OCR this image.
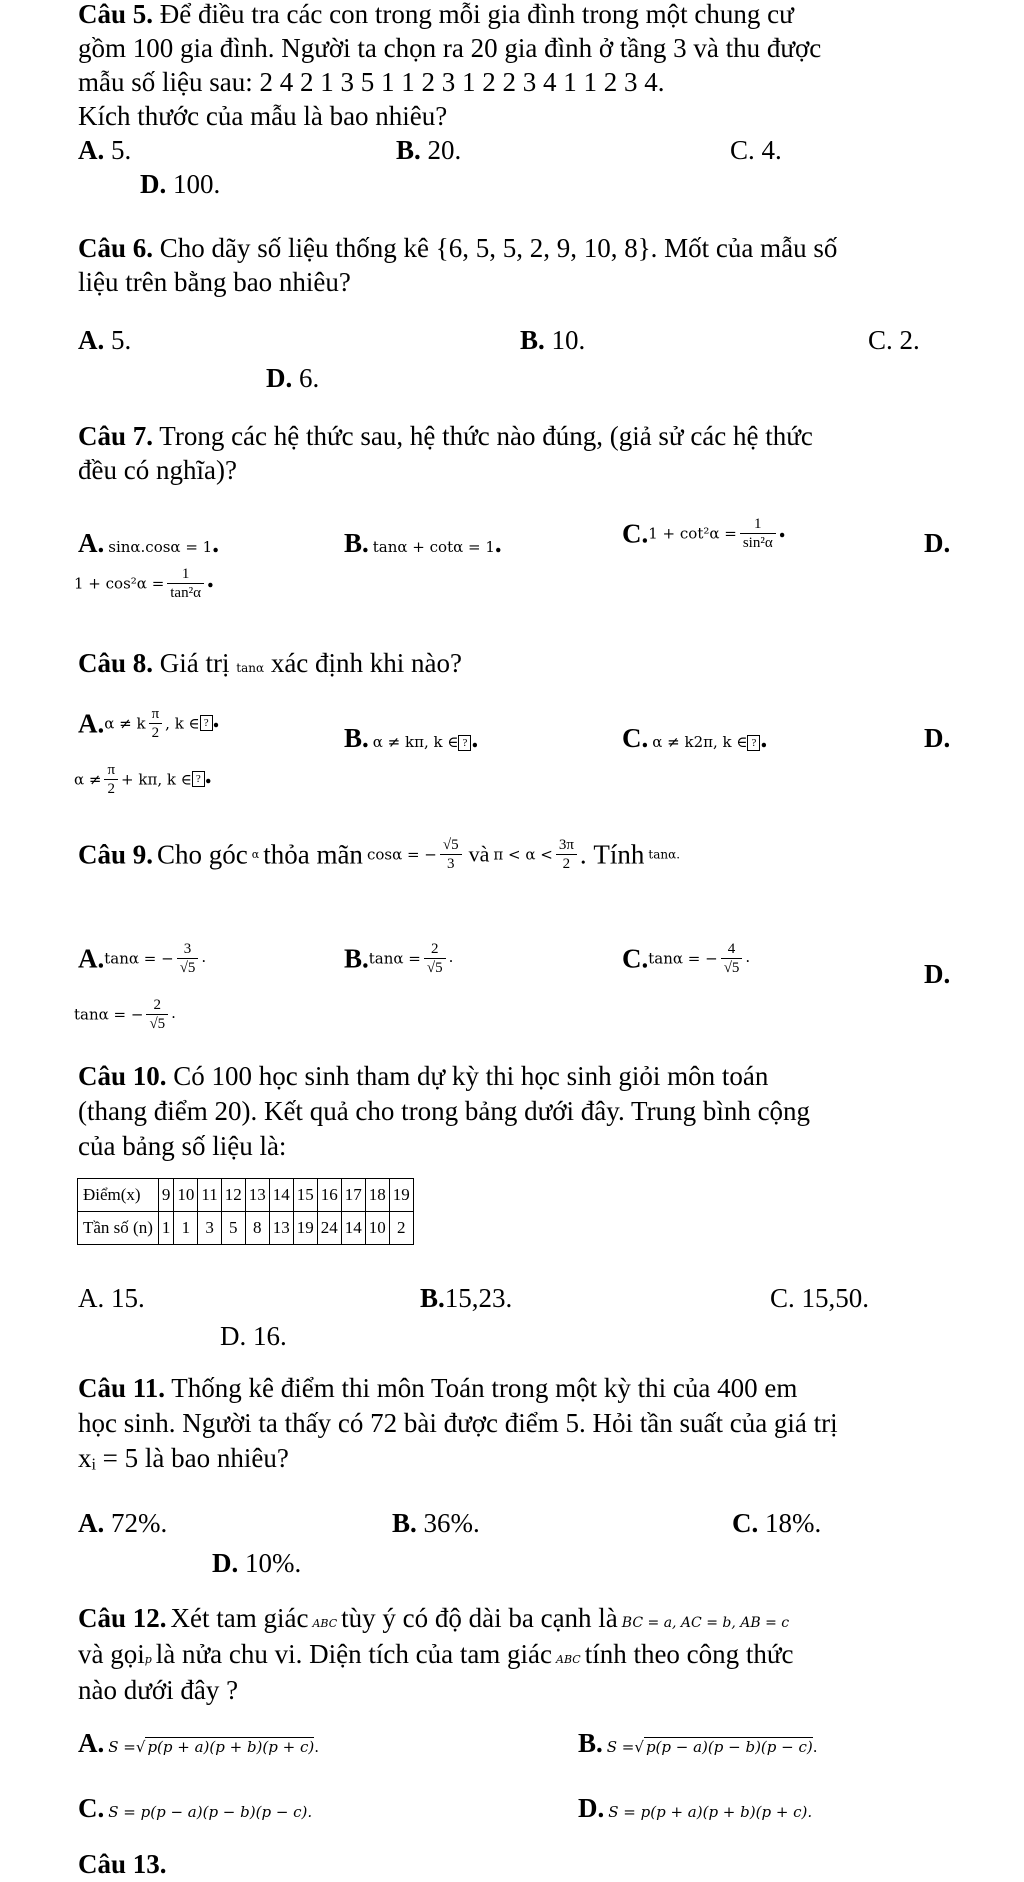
Câu 5. Để điều tra các con trong mỗi gia đình trong một chung cư
gồm 100 gia đình. Người ta chọn ra 20 gia đình ở tầng 3 và thu được
mẫu số liệu sau: 2 4 2 1 3 5 1 1 2 3 1 2 2 3 4 1 1 2 3 4.
Kích thước của mẫu là bao nhiêu?
A. 5.	B. 20.	C. 4.
D. 100.
Câu 6. Cho dãy số liệu thống kê {6, 5, 5, 2, 9, 10, 8}. Mốt của mẫu số
liệu trên bằng bao nhiêu?
A. 5.	B. 10.	C. 2.
D. 6.
Câu 7. Trong các hệ thức sau, hệ thức nào đúng, (giả sử các hệ thức
đều có nghĩa)?
A. sinα.cosα = 1.	B. tanα + cotα = 1.	$C.1 + \cot^2\alpha = \frac{1}{\text{sin²α}}$ .	D.
$1 + \cos^2\alpha = \frac{1}{\text{tan²α}}$ .
Câu 8. Giá trị tanα xác định khi nào?
A.α ≠ k $\frac{\pi}{2}$ , k ∈ ? .
B. α ≠ kπ, k ∈ ? .	C. α ≠ k2π, k ∈ ? .	D.
$\alpha \ne \frac{\pi}{2} + k\pi$, k ∈ ? .
Câu 9. Cho góc α thỏa mãn cosα = − $\frac{√5}{3}$ và $\pi < \alpha < \frac{3\pi}{2}$ . Tính tanα.
A.tanα = − $\frac{3}{√5}$ .	$B.\tan\alpha = \frac{2}{√5}$ .	C.tanα = − $\frac{4}{√5}$ .
D.
tanα = − $\frac{2}{√5}$ .
Câu 10. Có 100 học sinh tham dự kỳ thi học sinh giỏi môn toán
(thang điểm 20). Kết quả cho trong bảng dưới đây. Trung bình cộng
của bảng số liệu là:
Điểm(x)	9	10	11	12	13	14	15	16	17	18	19
Tần số (n)	1	1	3	5	8	13	19	24	14	10	2
A. 15.	B.15,23.	C. 15,50.
D. 16.
Câu 11. Thống kê điểm thi môn Toán trong một kỳ thi của 400 em
học sinh. Người ta thấy có 72 bài được điểm 5. Hỏi tần suất của giá trị
xᵢ = 5 là bao nhiêu?
A. 72%.	B. 36%.	C. 18%.
D. 10%.
Câu 12. Xét tam giác ABC tùy ý có độ dài ba cạnh là BC = a, AC = b, AB = c
và gọip là nửa chu vi. Diện tích của tam giác ABC tính theo công thức
nào dưới đây ?
A. S =√ p(p + a)(p + b)(p + c).	B. S =√ p(p − a)(p − b)(p − c).
C. S = p(p − a)(p − b)(p − c).	D. S = p(p + a)(p + b)(p + c).
Câu 13.
